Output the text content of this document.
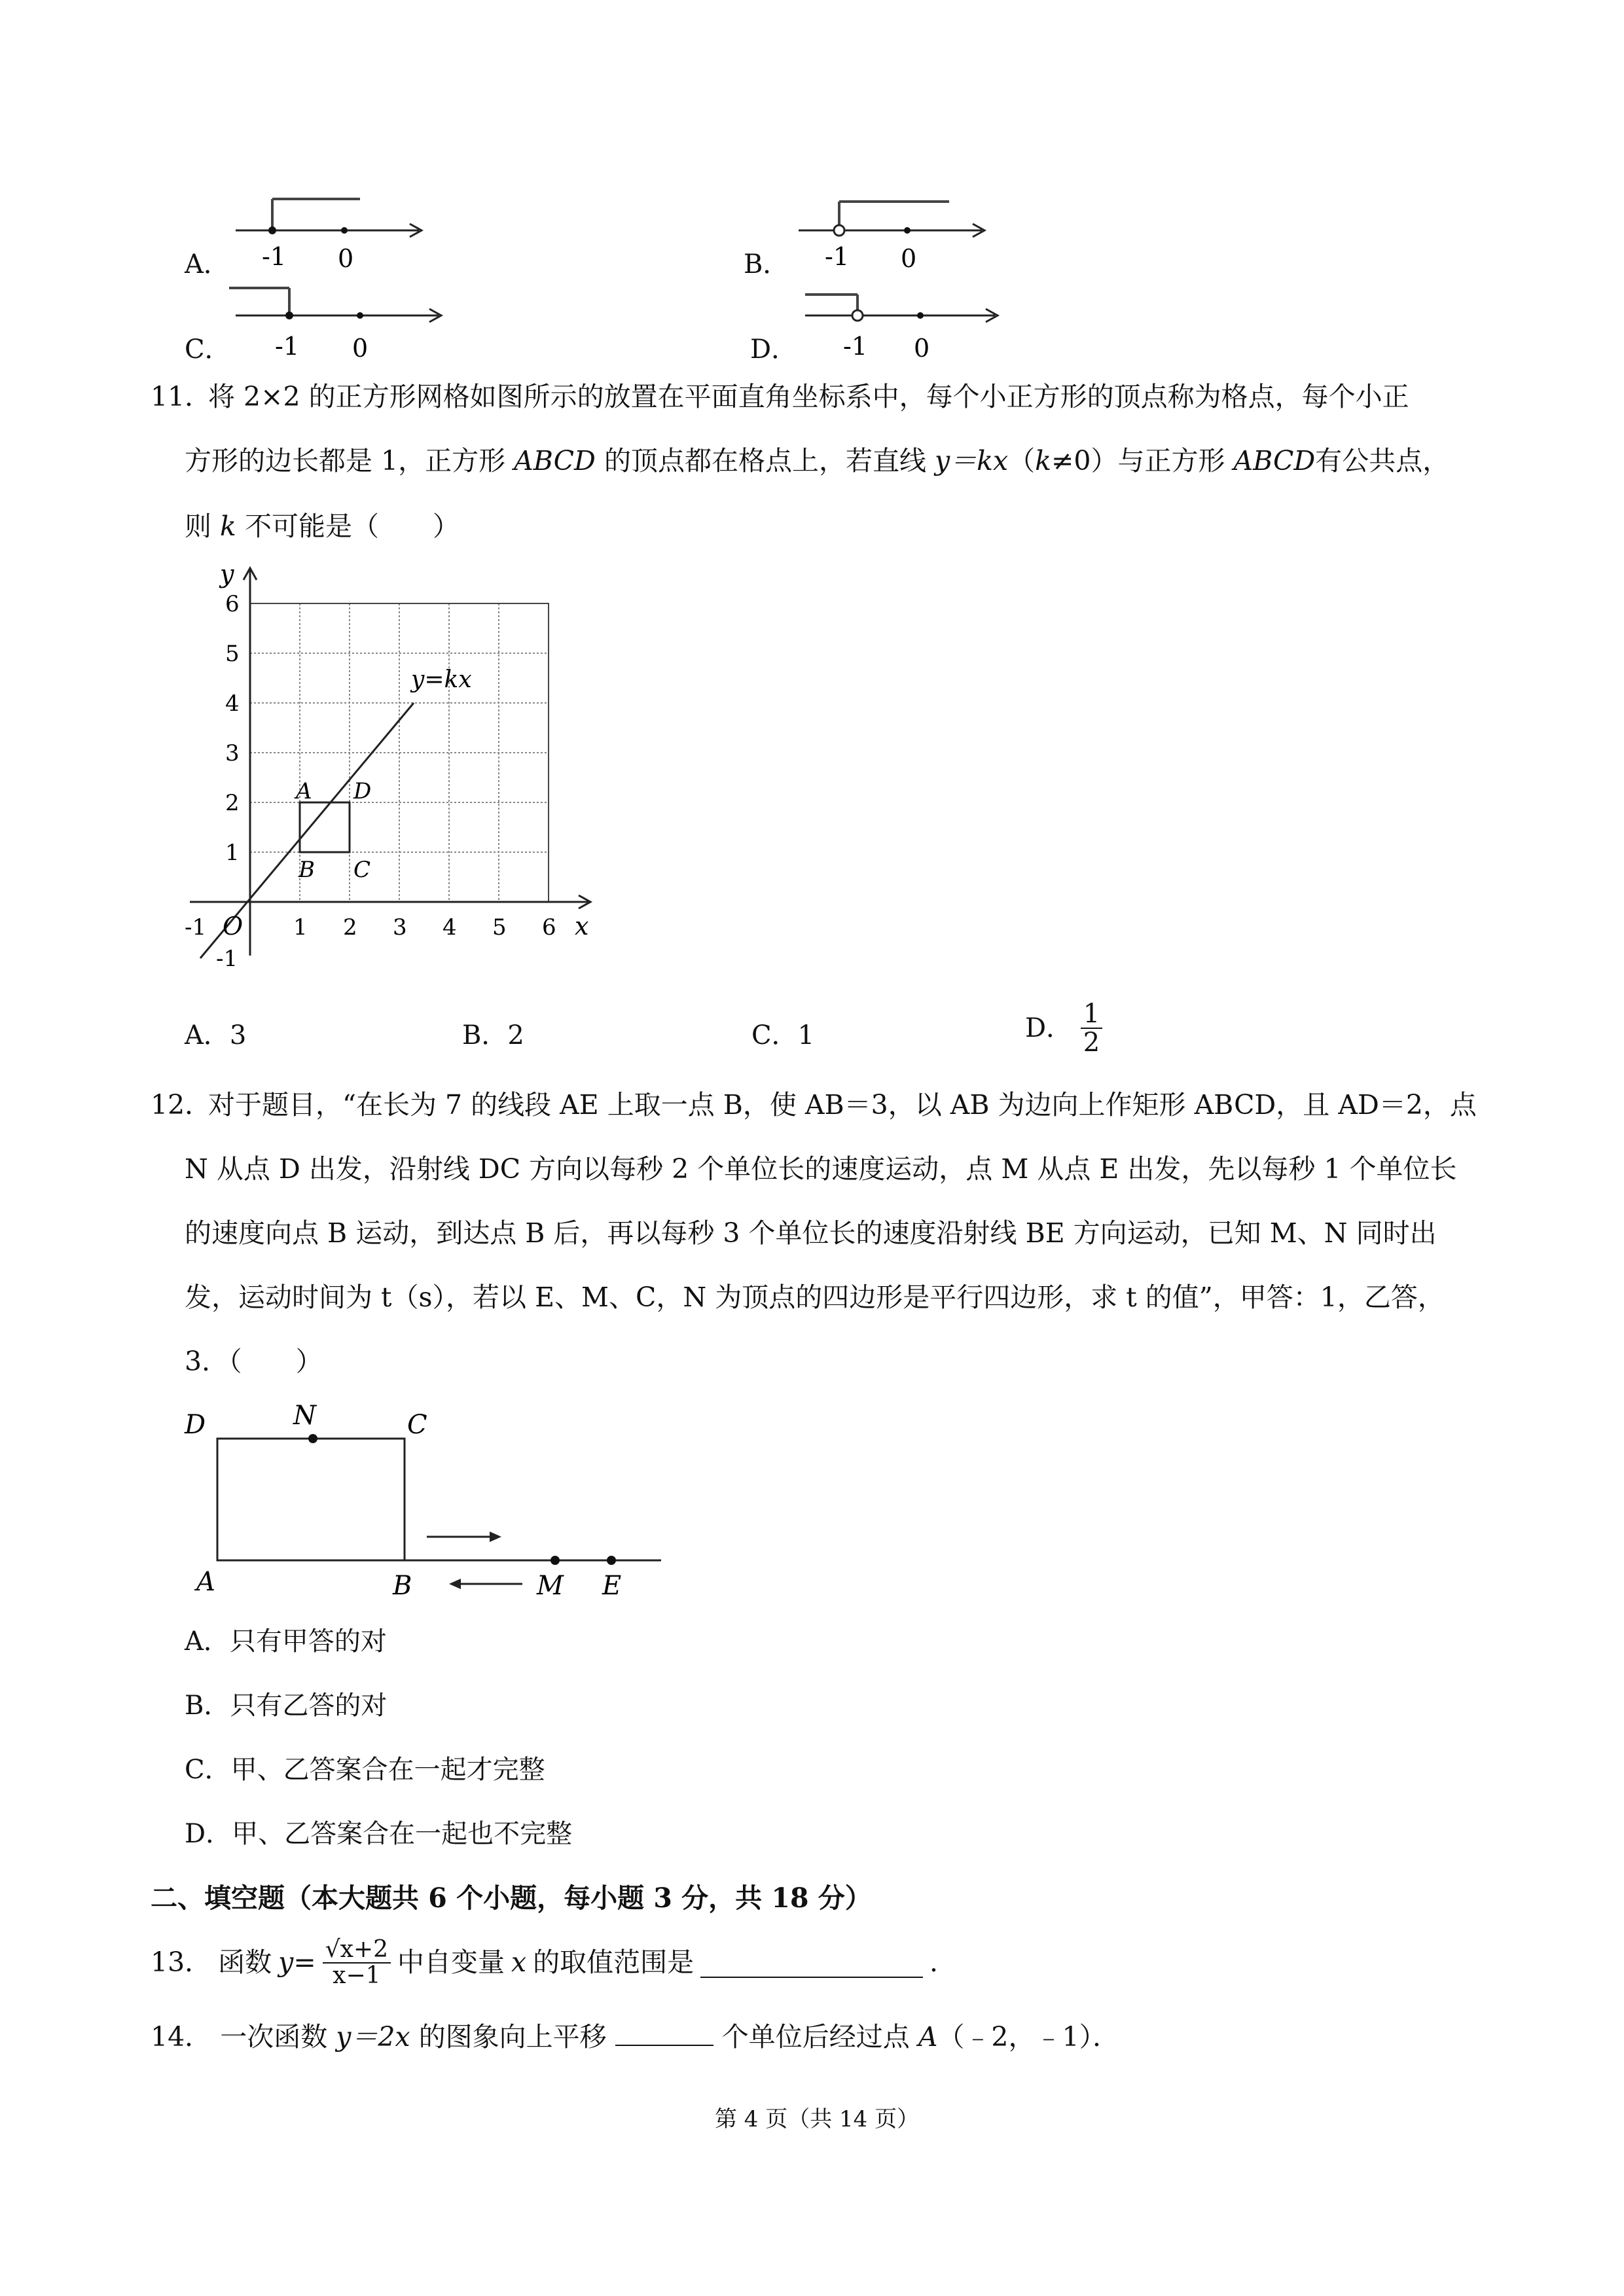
A． -1 0	B． -1 0
C． -1 0	D． -1 0
11．
将 2×2 的正方形网格如图所示的放置在平面直角坐标系中，每个小正方形的顶点称为格点，每个小正
方形的边长都是 1，正方形 ABCD 的顶点都在格点上，若直线 y＝kx（k≠0）与正方形 ABCD有公共点，
则 k 不可能是（　　）
y
x
O
y=kx
A D
B C
-1	1 2 3 4 5 6
6
5
4
3
2
1
-1
A．3	B．2	C．1	D． $\frac{1}{2}$
12．
对于题目，“在长为 7 的线段 AE 上取一点 B，使 AB＝3，以 AB 为边向上作矩形 ABCD，且 AD＝2，点
N 从点 D 出发，沿射线 DC 方向以每秒 2 个单位长的速度运动，点 M 从点 E 出发，先以每秒 1 个单位长
的速度向点 B 运动，到达点 B 后，再以每秒 3 个单位长的速度沿射线 BE 方向运动，已知 M、N 同时出
发，运动时间为 t（s），若以 E、M、C，N 为顶点的四边形是平行四边形，求 t 的值”，甲答：1，乙答，
3．（　　）
D	N	C
A	B	M E
A．只有甲答的对
B．只有乙答的对
C．甲、乙答案合在一起才完整
D．甲、乙答案合在一起也不完整
二、填空题（本大题共 6 个小题，每小题 3 分，共 18 分）
13． 函数 $y= \frac{√x+2}{x-1}$ 中自变量 x 的取值范围是	．
14． 一次函数 y＝2x 的图象向上平移	个单位后经过点 A（﹣2，﹣1）．
第 4 页（共 14 页）
